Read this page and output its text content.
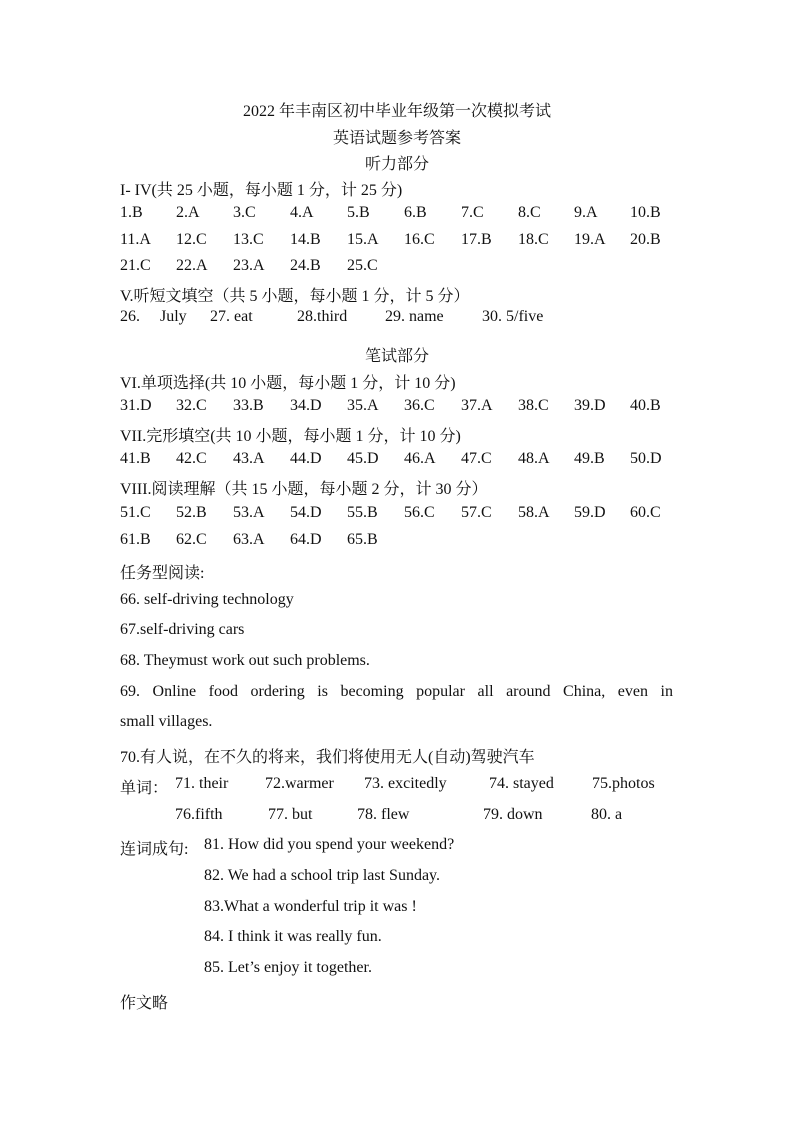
2022 年丰南区初中毕业年级第一次模拟考试
英语试题参考答案
听力部分
I- IV(共 25 小题，每小题 1 分，计 25 分)
1.B 2.A 3.C 4.A 5.B 6.B 7.C 8.C 9.A 10.B
11.A 12.C 13.C 14.B 15.A 16.C 17.B 18.C 19.A 20.B
21.C 22.A 23.A 24.B 25.C
V.听短文填空（共 5 小题，每小题 1 分，计 5 分）
26. July 27. eat	28.third 29. name 30. 5/five
笔试部分
VI.单项选择(共 10 小题，每小题 1 分，计 10 分)
31.D 32.C 33.B 34.D 35.A 36.C 37.A 38.C 39.D 40.B
VII.完形填空(共 10 小题，每小题 1 分，计 10 分)
41.B 42.C 43.A 44.D 45.D 46.A 47.C 48.A 49.B 50.D
VIII.阅读理解（共 15 小题，每小题 2 分，计 30 分）
51.C 52.B 53.A 54.D 55.B 56.C 57.C 58.A 59.D 60.C
61.B 62.C 63.A 64.D 65.B
任务型阅读:
66. self-driving technology
67.self-driving cars
68. Theymust work out such problems.
69. Online food ordering is becoming popular all around China, even in
small villages.
70.有人说，在不久的将来，我们将使用无人(自动)驾驶汽车
单词： 71. their 72.warmer 73. excitedly	74. stayed 75.photos
76.fifth	77. but	78. flew	79. down	80. a
连词成句: 81. How did you spend your weekend?
82. We had a school trip last Sunday.
83.What a wonderful trip it was !
84. I think it was really fun.
85. Let’s enjoy it together.
作文略
